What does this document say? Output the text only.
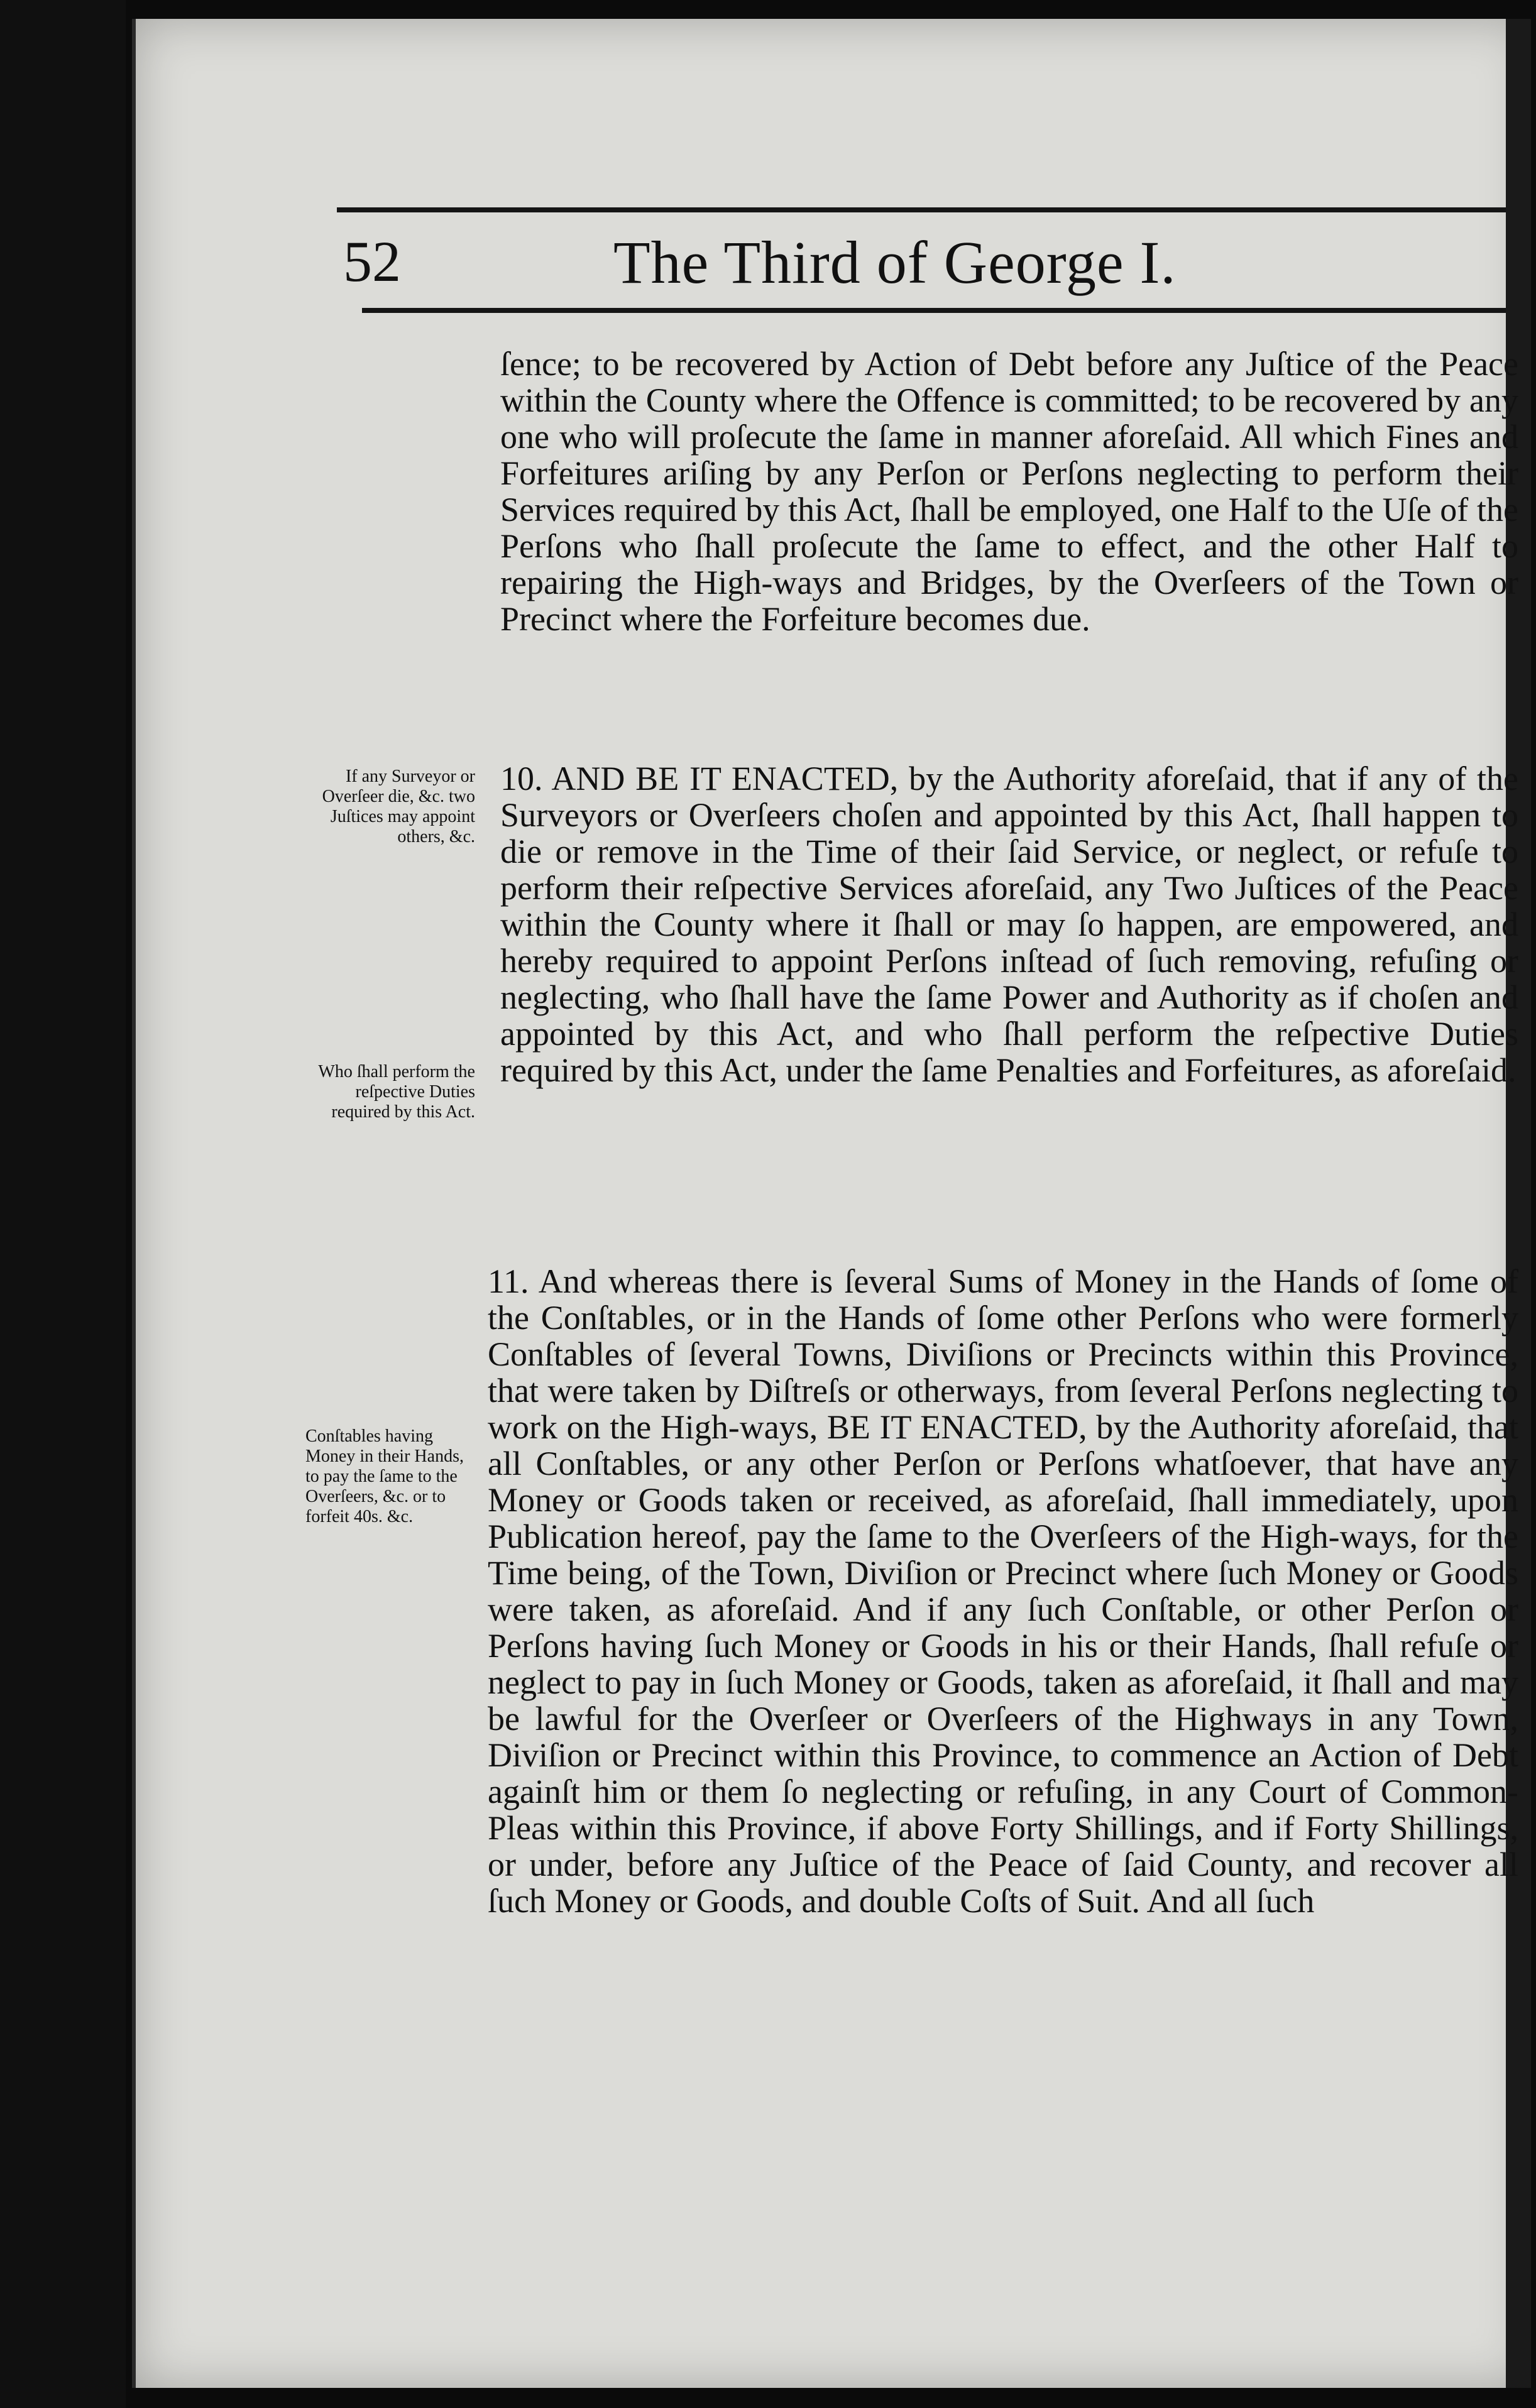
52	The Third of George I.

ſence; to be recovered by Action of Debt before any Juſtice of the Peace within the County where the Offence is committed; to be recovered by any one who will proſecute the ſame in manner aforeſaid. All which Fines and Forfeitures ariſing by any Perſon or Perſons neglecting to perform their Services required by this Act, ſhall be employed, one Half to the Uſe of the Perſons who ſhall proſecute the ſame to effect, and the other Half to repairing the High-ways and Bridges, by the Overſeers of the Town or Precinct where the Forfeiture becomes due.

If any Surveyor or Overſeer die, &c. two Juſtices may appoint others, &c.

10. AND BE IT ENACTED, by the Authority aforeſaid, that if any of the Surveyors or Overſeers choſen and appointed by this Act, ſhall happen to die or remove in the Time of their ſaid Service, or neglect, or refuſe to perform their reſpective Services aforeſaid, any Two Juſtices of the Peace within the County where it ſhall or may ſo happen, are empowered, and hereby required to appoint Perſons inſtead of ſuch removing, refuſing or neglecting, who ſhall have the ſame Power and Authority as if choſen and appointed by this Act, and who ſhall perform the reſpective Duties required by this Act, under the ſame Penalties and Forfeitures, as aforeſaid.

Who ſhall perform the reſpective Duties required by this Act.

11. And whereas there is ſeveral Sums of Money in the Hands of ſome of the Conſtables, or in the Hands of ſome other Perſons who were formerly Conſtables of ſeveral Towns, Diviſions or Precincts within this Province, that were taken by Diſtreſs or otherways, from ſeveral Perſons neglecting to work on the High-ways, BE IT ENACTED, by the Authority aforeſaid, that all Conſtables, or any other Perſon or Perſons whatſoever, that have any Money or Goods taken or received, as aforeſaid, ſhall immediately, upon Publication hereof, pay the ſame to the Overſeers of the High-ways, for the Time being, of the Town, Diviſion or Precinct where ſuch Money or Goods were taken, as aforeſaid. And if any ſuch Conſtable, or other Perſon or Perſons having ſuch Money or Goods in his or their Hands, ſhall refuſe or neglect to pay in ſuch Money or Goods, taken as aforeſaid, it ſhall and may be lawful for the Overſeer or Overſeers of the Highways in any Town, Diviſion or Precinct within this Province, to commence an Action of Debt againſt him or them ſo neglecting or refuſing, in any Court of Common-Pleas within this Province, if above Forty Shillings, and if Forty Shillings, or under, before any Juſtice of the Peace of ſaid County, and recover all ſuch Money or Goods, and double Coſts of Suit. And all ſuch

Conſtables having Money in their Hands, to pay the ſame to the Overſeers, &c. or to forfeit 40s. &c.
